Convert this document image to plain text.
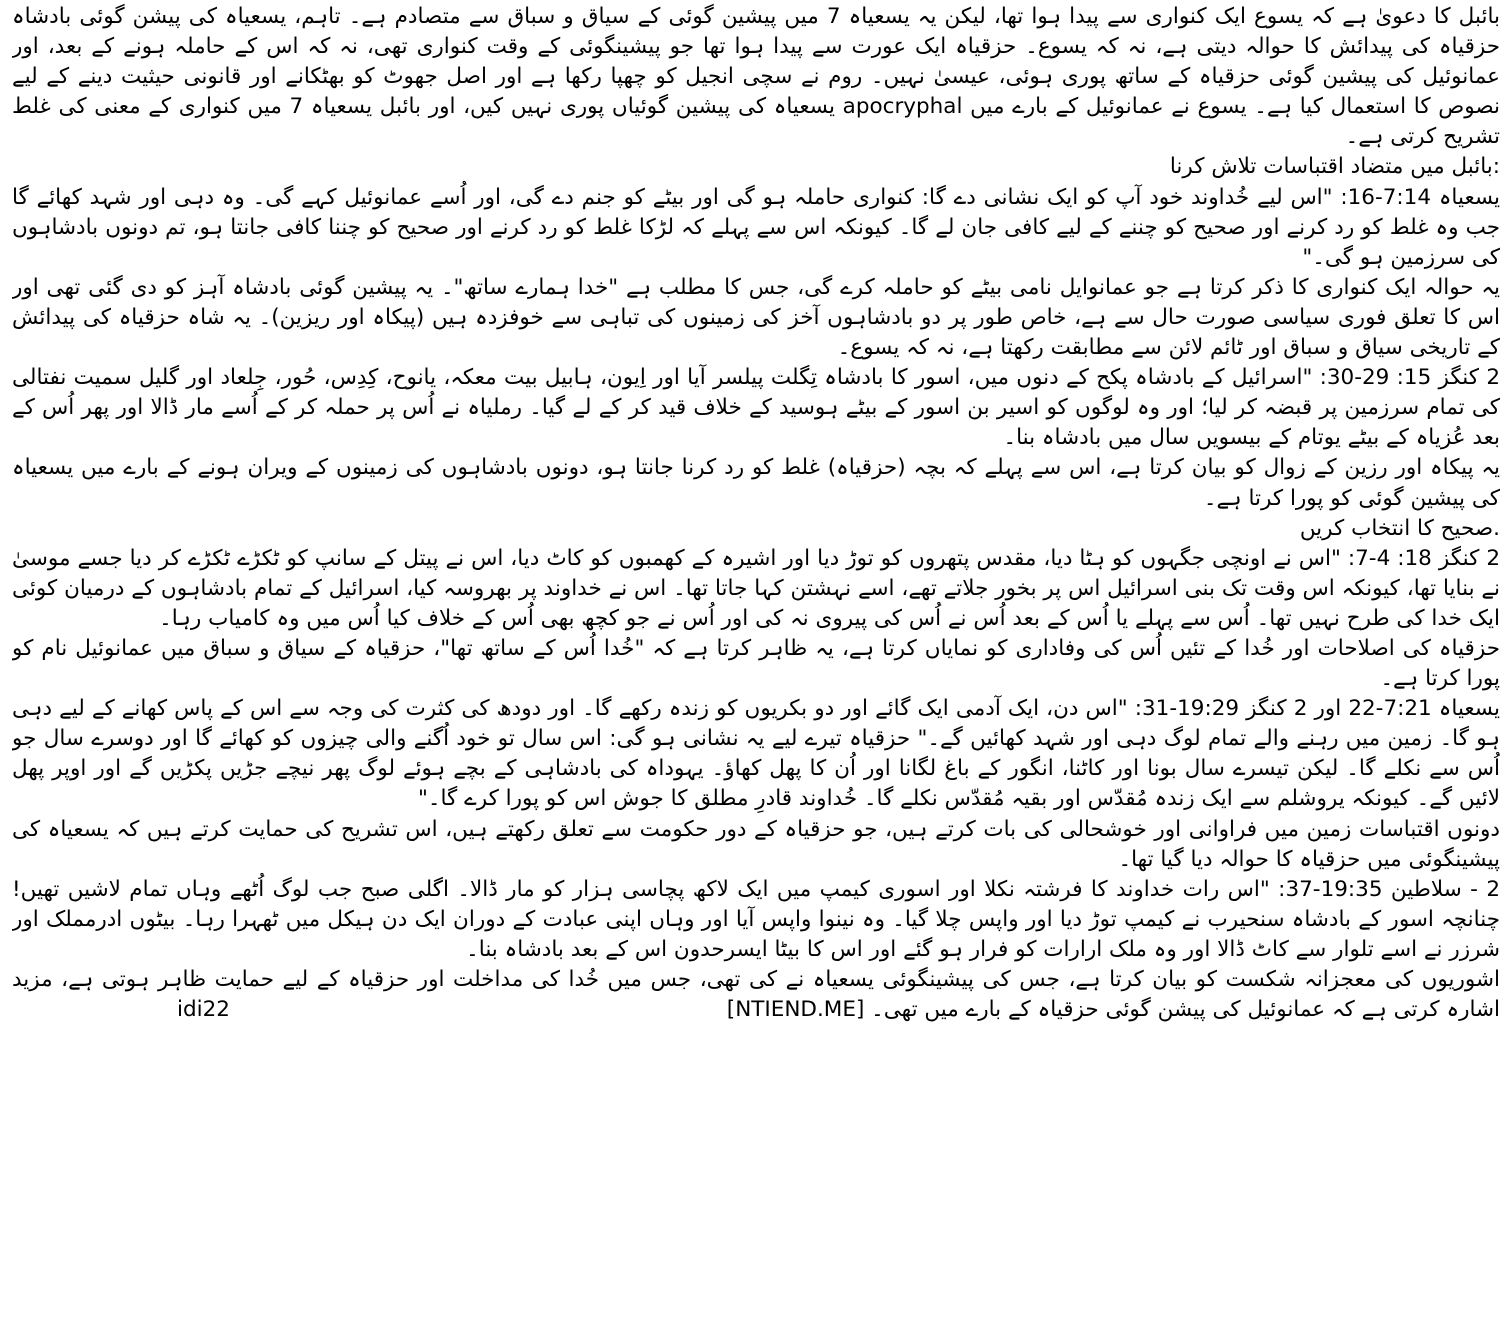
بائبل کا دعویٰ ہے کہ یسوع ایک کنواری سے پیدا ہوا تھا، لیکن یہ یسعیاہ 7 میں پیشین گوئی کے سیاق و سباق سے متصادم ہے۔ تاہم، یسعیاہ کی پیشن گوئی بادشاہ حزقیاہ کی پیدائش کا حوالہ دیتی ہے، نہ کہ یسوع۔ حزقیاہ ایک عورت سے پیدا ہوا تھا جو پیشینگوئی کے وقت کنواری تھی، نہ کہ اس کے حاملہ ہونے کے بعد، اور عمانوئیل کی پیشین گوئی حزقیاہ کے ساتھ پوری ہوئی، عیسیٰ نہیں۔ روم نے سچی انجیل کو چھپا رکھا ہے اور اصل جھوٹ کو بھٹکانے اور قانونی حیثیت دینے کے لیے نصوص کا استعمال کیا ہے۔ یسوع نے عمانوئیل کے بارے میں apocryphal یسعیاہ کی پیشین گوئیاں پوری نہیں کیں، اور بائبل یسعیاہ 7 میں کنواری کے معنی کی غلط تشریح کرتی ہے۔

:بائبل میں متضاد اقتباسات تلاش کرنا

یسعیاہ 7:14-16: "اس لیے خُداوند خود آپ کو ایک نشانی دے گا: کنواری حاملہ ہو گی اور بیٹے کو جنم دے گی، اور اُسے عمانوئیل کہے گی۔ وہ دہی اور شہد کھائے گا جب وہ غلط کو رد کرنے اور صحیح کو چننے کے لیے کافی جان لے گا۔ کیونکہ اس سے پہلے کہ لڑکا غلط کو رد کرنے اور صحیح کو چننا کافی جانتا ہو، تم دونوں بادشاہوں کی سرزمین ہو گی۔"

یہ حوالہ ایک کنواری کا ذکر کرتا ہے جو عمانوایل نامی بیٹے کو حاملہ کرے گی، جس کا مطلب ہے "خدا ہمارے ساتھ"۔ یہ پیشین گوئی بادشاہ آہز کو دی گئی تھی اور اس کا تعلق فوری سیاسی صورت حال سے ہے، خاص طور پر دو بادشاہوں آخز کی زمینوں کی تباہی سے خوفزدہ ہیں (پیکاہ اور ریزین)۔ یہ شاہ حزقیاہ کی پیدائش کے تاریخی سیاق و سباق اور ٹائم لائن سے مطابقت رکھتا ہے، نہ کہ یسوع۔

2 کنگز 15: 29-30: "اسرائیل کے بادشاہ پکح کے دنوں میں، اسور کا بادشاہ تِگلت پیلسر آیا اور اِیون، ہابیل بیت معکہ، یانوح، کِدِس، حُور، جِلعاد اور گلیل سمیت نفتالی کی تمام سرزمین پر قبضہ کر لیا؛ اور وہ لوگوں کو اسیر بن اسور کے بیٹے ہوسید کے خلاف قید کر کے لے گیا۔ رملیاہ نے اُس پر حملہ کر کے اُسے مار ڈالا اور پھر اُس کے بعد عُزیاہ کے بیٹے یوتام کے بیسویں سال میں بادشاہ بنا۔

یہ پیکاہ اور رزین کے زوال کو بیان کرتا ہے، اس سے پہلے کہ بچہ (حزقیاہ) غلط کو رد کرنا جانتا ہو، دونوں بادشاہوں کی زمینوں کے ویران ہونے کے بارے میں یسعیاہ کی پیشین گوئی کو پورا کرتا ہے۔

.صحیح کا انتخاب کریں

2 کنگز 18: 4-7: "اس نے اونچی جگہوں کو ہٹا دیا، مقدس پتھروں کو توڑ دیا اور اشیرہ کے کھمبوں کو کاٹ دیا، اس نے پیتل کے سانپ کو ٹکڑے ٹکڑے کر دیا جسے موسیٰ نے بنایا تھا، کیونکہ اس وقت تک بنی اسرائیل اس پر بخور جلاتے تھے، اسے نہشتن کہا جاتا تھا۔ اس نے خداوند پر بھروسہ کیا، اسرائیل کے تمام بادشاہوں کے درمیان کوئی ایک خدا کی طرح نہیں تھا۔ اُس سے پہلے یا اُس کے بعد اُس نے اُس کی پیروی نہ کی اور اُس نے جو کچھ بھی اُس کے خلاف کیا اُس میں وہ کامیاب رہا۔

حزقیاہ کی اصلاحات اور خُدا کے تئیں اُس کی وفاداری کو نمایاں کرتا ہے، یہ ظاہر کرتا ہے کہ "خُدا اُس کے ساتھ تھا"، حزقیاہ کے سیاق و سباق میں عمانوئیل نام کو پورا کرتا ہے۔

یسعیاہ 7:21-22 اور 2 کنگز 19:29-31: "اس دن، ایک آدمی ایک گائے اور دو بکریوں کو زندہ رکھے گا۔ اور دودھ کی کثرت کی وجہ سے اس کے پاس کھانے کے لیے دہی ہو گا۔ زمین میں رہنے والے تمام لوگ دہی اور شہد کھائیں گے۔" حزقیاہ تیرے لیے یہ نشانی ہو گی: اس سال تو خود اُگنے والی چیزوں کو کھائے گا اور دوسرے سال جو اُس سے نکلے گا۔ لیکن تیسرے سال بونا اور کاٹنا، انگور کے باغ لگانا اور اُن کا پھل کھاؤ۔ یہوداہ کی بادشاہی کے بچے ہوئے لوگ پھر نیچے جڑیں پکڑیں گے اور اوپر پھل لائیں گے۔ کیونکہ یروشلم سے ایک زندہ مُقدّس اور بقیہ مُقدّس نکلے گا۔ خُداوند قادرِ مطلق کا جوش اس کو پورا کرے گا۔"

دونوں اقتباسات زمین میں فراوانی اور خوشحالی کی بات کرتے ہیں، جو حزقیاہ کے دور حکومت سے تعلق رکھتے ہیں، اس تشریح کی حمایت کرتے ہیں کہ یسعیاہ کی پیشینگوئی میں حزقیاہ کا حوالہ دیا گیا تھا۔

2 - سلاطین 19:35-37: "اس رات خداوند کا فرشتہ نکلا اور اسوری کیمپ میں ایک لاکھ پچاسی ہزار کو مار ڈالا۔ اگلی صبح جب لوگ اُٹھے وہاں تمام لاشیں تھیں! چنانچہ اسور کے بادشاہ سنحیرب نے کیمپ توڑ دیا اور واپس چلا گیا۔ وہ نینوا واپس آیا اور وہاں اپنی عبادت کے دوران ایک دن ہیکل میں ٹھہرا رہا۔ بیٹوں ادرمملک اور شرزر نے اسے تلوار سے کاٹ ڈالا اور وہ ملک ارارات کو فرار ہو گئے اور اس کا بیٹا ایسرحدون اس کے بعد بادشاہ بنا۔

اشوریوں کی معجزانہ شکست کو بیان کرتا ہے، جس کی پیشینگوئی یسعیاہ نے کی تھی، جس میں خُدا کی مداخلت اور حزقیاہ کے لیے حمایت ظاہر ہوتی ہے، مزید اشارہ کرتی ہے کہ عمانوئیل کی پیشن گوئی حزقیاہ کے بارے میں تھی۔ [NTIEND.ME]

idi22
